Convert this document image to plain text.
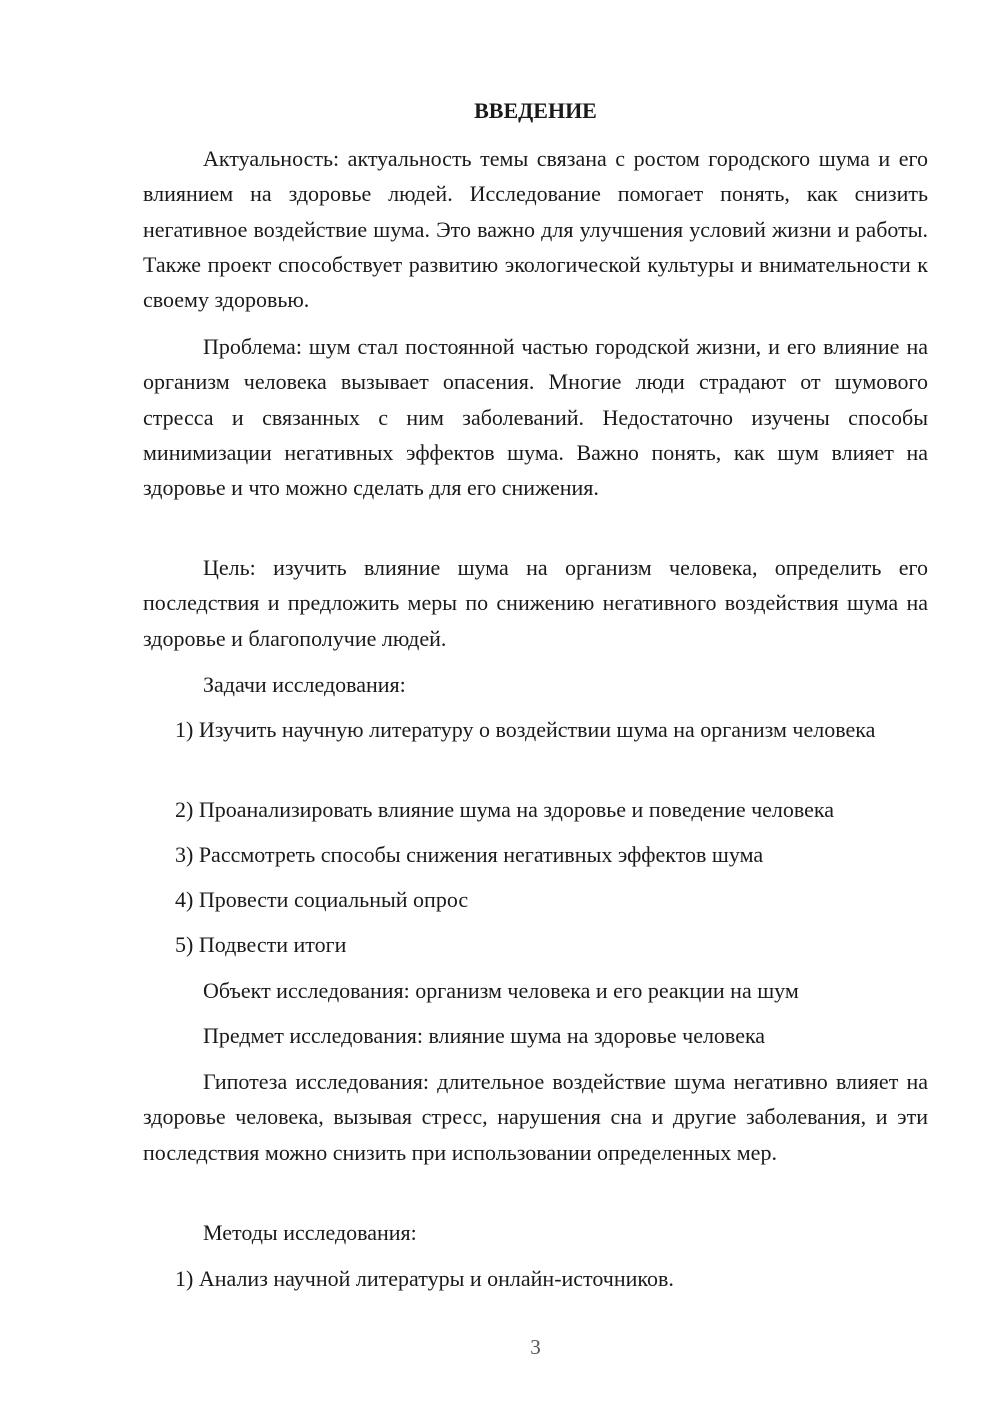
ВВЕДЕНИЕ

Актуальность: актуальность темы связана с ростом городского шума и его влиянием на здоровье людей. Исследование помогает понять, как снизить негативное воздействие шума. Это важно для улучшения условий жизни и работы. Также проект способствует развитию экологической культуры и внимательности к своему здоровью.

Проблема: шум стал постоянной частью городской жизни, и его влияние на организм человека вызывает опасения. Многие люди страдают от шумового стресса и связанных с ним заболеваний. Недостаточно изучены способы минимизации негативных эффектов шума. Важно понять, как шум влияет на здоровье и что можно сделать для его снижения.

Цель: изучить влияние шума на организм человека, определить его последствия и предложить меры по снижению негативного воздействия шума на здоровье и благополучие людей.

Задачи исследования:

1) Изучить научную литературу о воздействии шума на организм человека

2) Проанализировать влияние шума на здоровье и поведение человека

3) Рассмотреть способы снижения негативных эффектов шума

4) Провести социальный опрос

5) Подвести итоги

Объект исследования: организм человека и его реакции на шум

Предмет исследования: влияние шума на здоровье человека

Гипотеза исследования: длительное воздействие шума негативно влияет на здоровье человека, вызывая стресс, нарушения сна и другие заболевания, и эти последствия можно снизить при использовании определенных мер.

Методы исследования:

1) Анализ научной литературы и онлайн-источников.

3
